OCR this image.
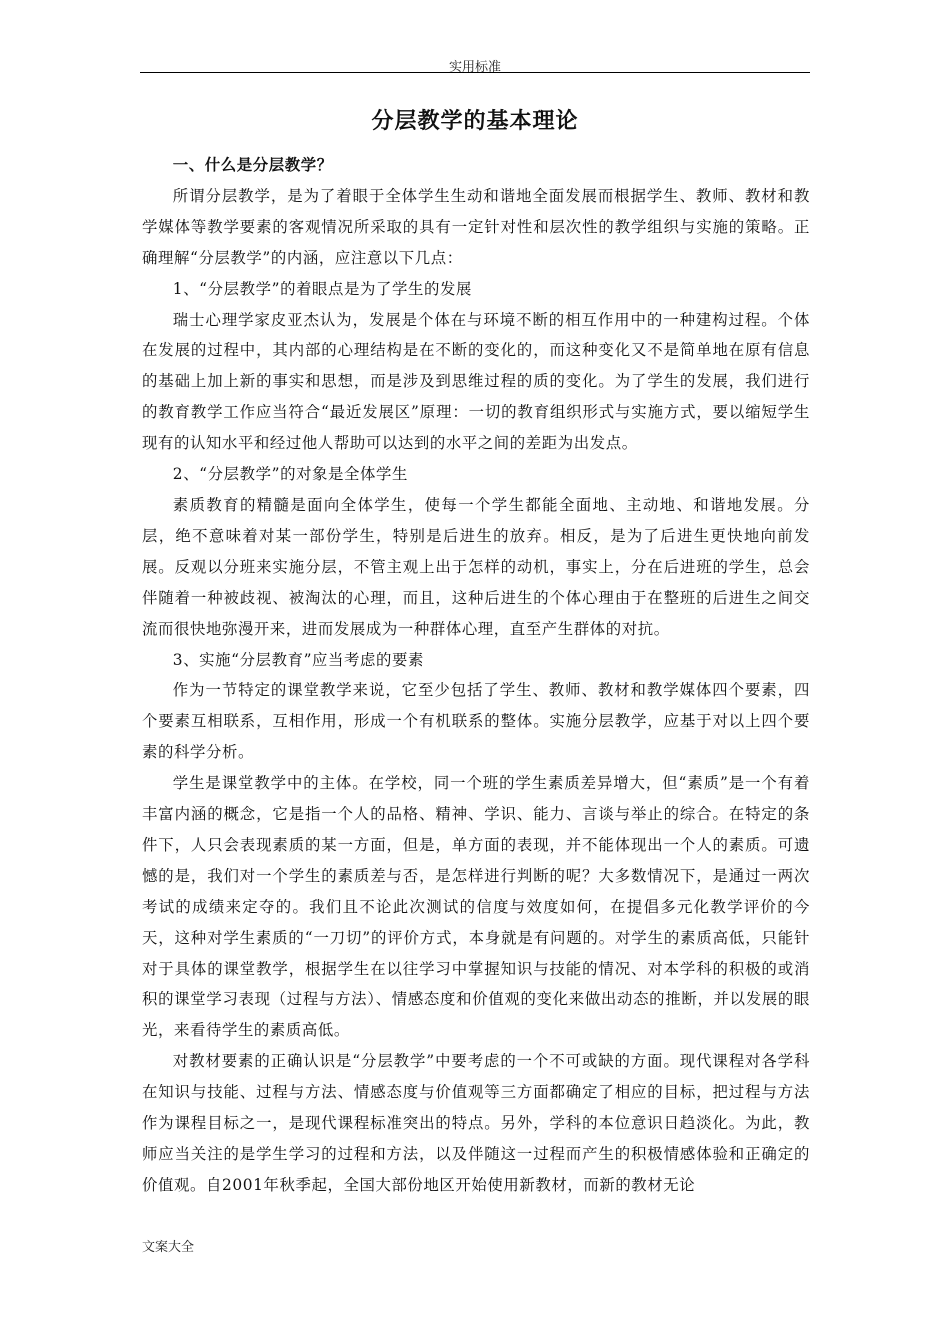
实用标准
分层教学的基本理论

一、什么是分层教学？

所谓分层教学，是为了着眼于全体学生生动和谐地全面发展而根据学生、教师、教材和教学媒体等教学要素的客观情况所采取的具有一定针对性和层次性的教学组织与实施的策略。正确理解“分层教学”的内涵，应注意以下几点：

1、“分层教学”的着眼点是为了学生的发展

瑞士心理学家皮亚杰认为，发展是个体在与环境不断的相互作用中的一种建构过程。个体在发展的过程中，其内部的心理结构是在不断的变化的，而这种变化又不是简单地在原有信息的基础上加上新的事实和思想，而是涉及到思维过程的质的变化。为了学生的发展，我们进行的教育教学工作应当符合“最近发展区”原理：一切的教育组织形式与实施方式，要以缩短学生现有的认知水平和经过他人帮助可以达到的水平之间的差距为出发点。

2、“分层教学”的对象是全体学生

素质教育的精髓是面向全体学生，使每一个学生都能全面地、主动地、和谐地发展。分层，绝不意味着对某一部份学生，特别是后进生的放弃。相反，是为了后进生更快地向前发展。反观以分班来实施分层，不管主观上出于怎样的动机，事实上，分在后进班的学生，总会伴随着一种被歧视、被淘汰的心理，而且，这种后进生的个体心理由于在整班的后进生之间交流而很快地弥漫开来，进而发展成为一种群体心理，直至产生群体的对抗。

3、实施“分层教育”应当考虑的要素

作为一节特定的课堂教学来说，它至少包括了学生、教师、教材和教学媒体四个要素，四个要素互相联系，互相作用，形成一个有机联系的整体。实施分层教学，应基于对以上四个要素的科学分析。

学生是课堂教学中的主体。在学校，同一个班的学生素质差异增大，但“素质”是一个有着丰富内涵的概念，它是指一个人的品格、精神、学识、能力、言谈与举止的综合。在特定的条件下，人只会表现素质的某一方面，但是，单方面的表现，并不能体现出一个人的素质。可遗憾的是，我们对一个学生的素质差与否，是怎样进行判断的呢？大多数情况下，是通过一两次考试的成绩来定夺的。我们且不论此次测试的信度与效度如何，在提倡多元化教学评价的今天，这种对学生素质的“一刀切”的评价方式，本身就是有问题的。对学生的素质高低，只能针对于具体的课堂教学，根据学生在以往学习中掌握知识与技能的情况、对本学科的积极的或消积的课堂学习表现（过程与方法）、情感态度和价值观的变化来做出动态的推断，并以发展的眼光，来看待学生的素质高低。

对教材要素的正确认识是“分层教学”中要考虑的一个不可或缺的方面。现代课程对各学科在知识与技能、过程与方法、情感态度与价值观等三方面都确定了相应的目标，把过程与方法作为课程目标之一，是现代课程标准突出的特点。另外，学科的本位意识日趋淡化。为此，教师应当关注的是学生学习的过程和方法，以及伴随这一过程而产生的积极情感体验和正确定的价值观。自2001年秋季起，全国大部份地区开始使用新教材，而新的教材无论

文案大全
